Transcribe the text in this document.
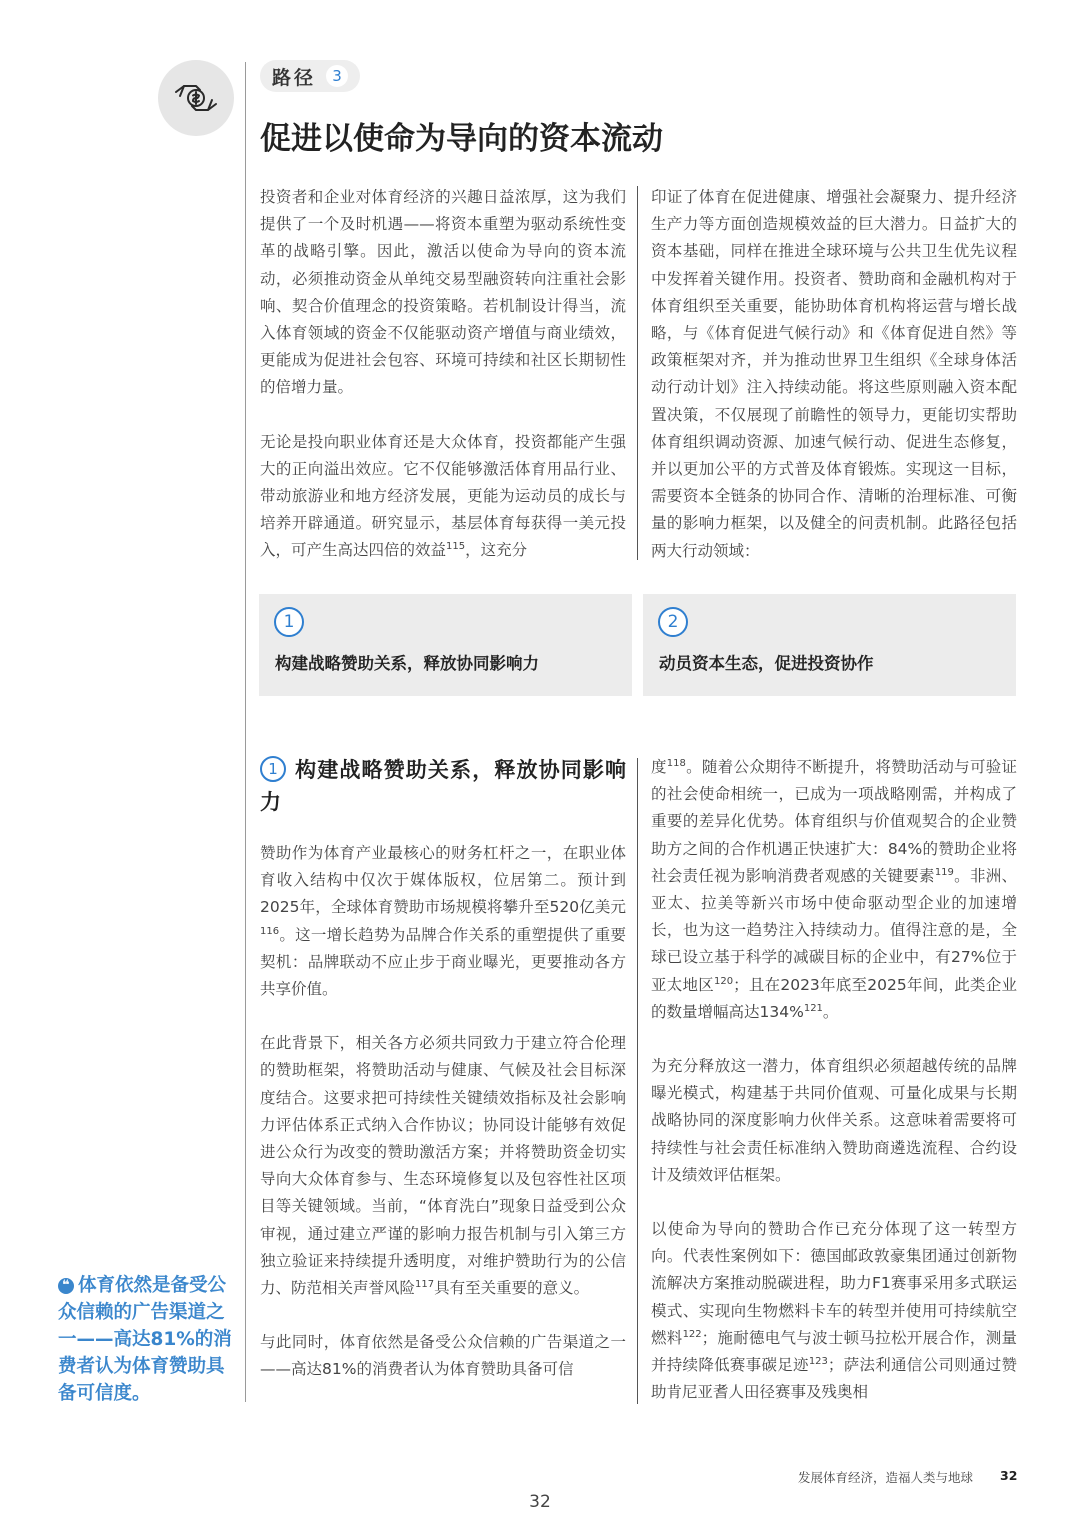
路径	3
促进以使命为导向的资本流动

投资者和企业对体育经济的兴趣日益浓厚，这为我们提供了一个及时机遇——将资本重塑为驱动系统性变革的战略引擎。因此，激活以使命为导向的资本流动，必须推动资金从单纯交易型融资转向注重社会影响、契合价值理念的投资策略。若机制设计得当，流入体育领域的资金不仅能驱动资产增值与商业绩效，更能成为促进社会包容、环境可持续和社区长期韧性的倍增力量。

无论是投向职业体育还是大众体育，投资都能产生强大的正向溢出效应。它不仅能够激活体育用品行业、带动旅游业和地方经济发展，更能为运动员的成长与培养开辟通道。研究显示，基层体育每获得一美元投入，可产生高达四倍的效益$^{115}$，这充分

印证了体育在促进健康、增强社会凝聚力、提升经济生产力等方面创造规模效益的巨大潜力。日益扩大的资本基础，同样在推进全球环境与公共卫生优先议程中发挥着关键作用。投资者、赞助商和金融机构对于体育组织至关重要，能协助体育机构将运营与增长战略，与《体育促进气候行动》和《体育促进自然》等政策框架对齐，并为推动世界卫生组织《全球身体活动行动计划》注入持续动能。将这些原则融入资本配置决策，不仅展现了前瞻性的领导力，更能切实帮助体育组织调动资源、加速气候行动、促进生态修复，并以更加公平的方式普及体育锻炼。实现这一目标，需要资本全链条的协同合作、清晰的治理标准、可衡量的影响力框架，以及健全的问责机制。此路径包括两大行动领域：

1
构建战略赞助关系，释放协同影响力
2
动员资本生态，促进投资协作
1 构建战略赞助关系，释放协同影响力

赞助作为体育产业最核心的财务杠杆之一，在职业体育收入结构中仅次于媒体版权，位居第二。预计到2025年，全球体育赞助市场规模将攀升至520亿美元$^{116}$。这一增长趋势为品牌合作关系的重塑提供了重要契机：品牌联动不应止步于商业曝光，更要推动各方共享价值。

在此背景下，相关各方必须共同致力于建立符合伦理的赞助框架，将赞助活动与健康、气候及社会目标深度结合。这要求把可持续性关键绩效指标及社会影响力评估体系正式纳入合作协议；协同设计能够有效促进公众行为改变的赞助激活方案；并将赞助资金切实导向大众体育参与、生态环境修复以及包容性社区项目等关键领域。当前，“体育洗白”现象日益受到公众审视，通过建立严谨的影响力报告机制与引入第三方独立验证来持续提升透明度，对维护赞助行为的公信力、防范相关声誉风险$^{117}$具有至关重要的意义。

与此同时，体育依然是备受公众信赖的广告渠道之一——高达81%的消费者认为体育赞助具备可信

度$^{118}$。随着公众期待不断提升，将赞助活动与可验证的社会使命相统一，已成为一项战略刚需，并构成了重要的差异化优势。体育组织与价值观契合的企业赞助方之间的合作机遇正快速扩大：84%的赞助企业将社会责任视为影响消费者观感的关键要素$^{119}$。非洲、亚太、拉美等新兴市场中使命驱动型企业的加速增长，也为这一趋势注入持续动力。值得注意的是，全球已设立基于科学的减碳目标的企业中，有27%位于亚太地区$^{120}$；且在2023年底至2025年间，此类企业的数量增幅高达134%$^{121}$。

为充分释放这一潜力，体育组织必须超越传统的品牌曝光模式，构建基于共同价值观、可量化成果与长期战略协同的深度影响力伙伴关系。这意味着需要将可持续性与社会责任标准纳入赞助商遴选流程、合约设计及绩效评估框架。

以使命为导向的赞助合作已充分体现了这一转型方向。代表性案例如下：德国邮政敦豪集团通过创新物流解决方案推动脱碳进程，助力F1赛事采用多式联运模式、实现向生物燃料卡车的转型并使用可持续航空燃料$^{122}$；施耐德电气与波士顿马拉松开展合作，测量并持续降低赛事碳足迹$^{123}$；萨法利通信公司则通过赞助肯尼亚耆人田径赛事及残奥相

❝ 体育依然是备受公众信赖的广告渠道之一——高达81%的消费者认为体育赞助具备可信度。
发展体育经济，造福人类与地球 32
32
